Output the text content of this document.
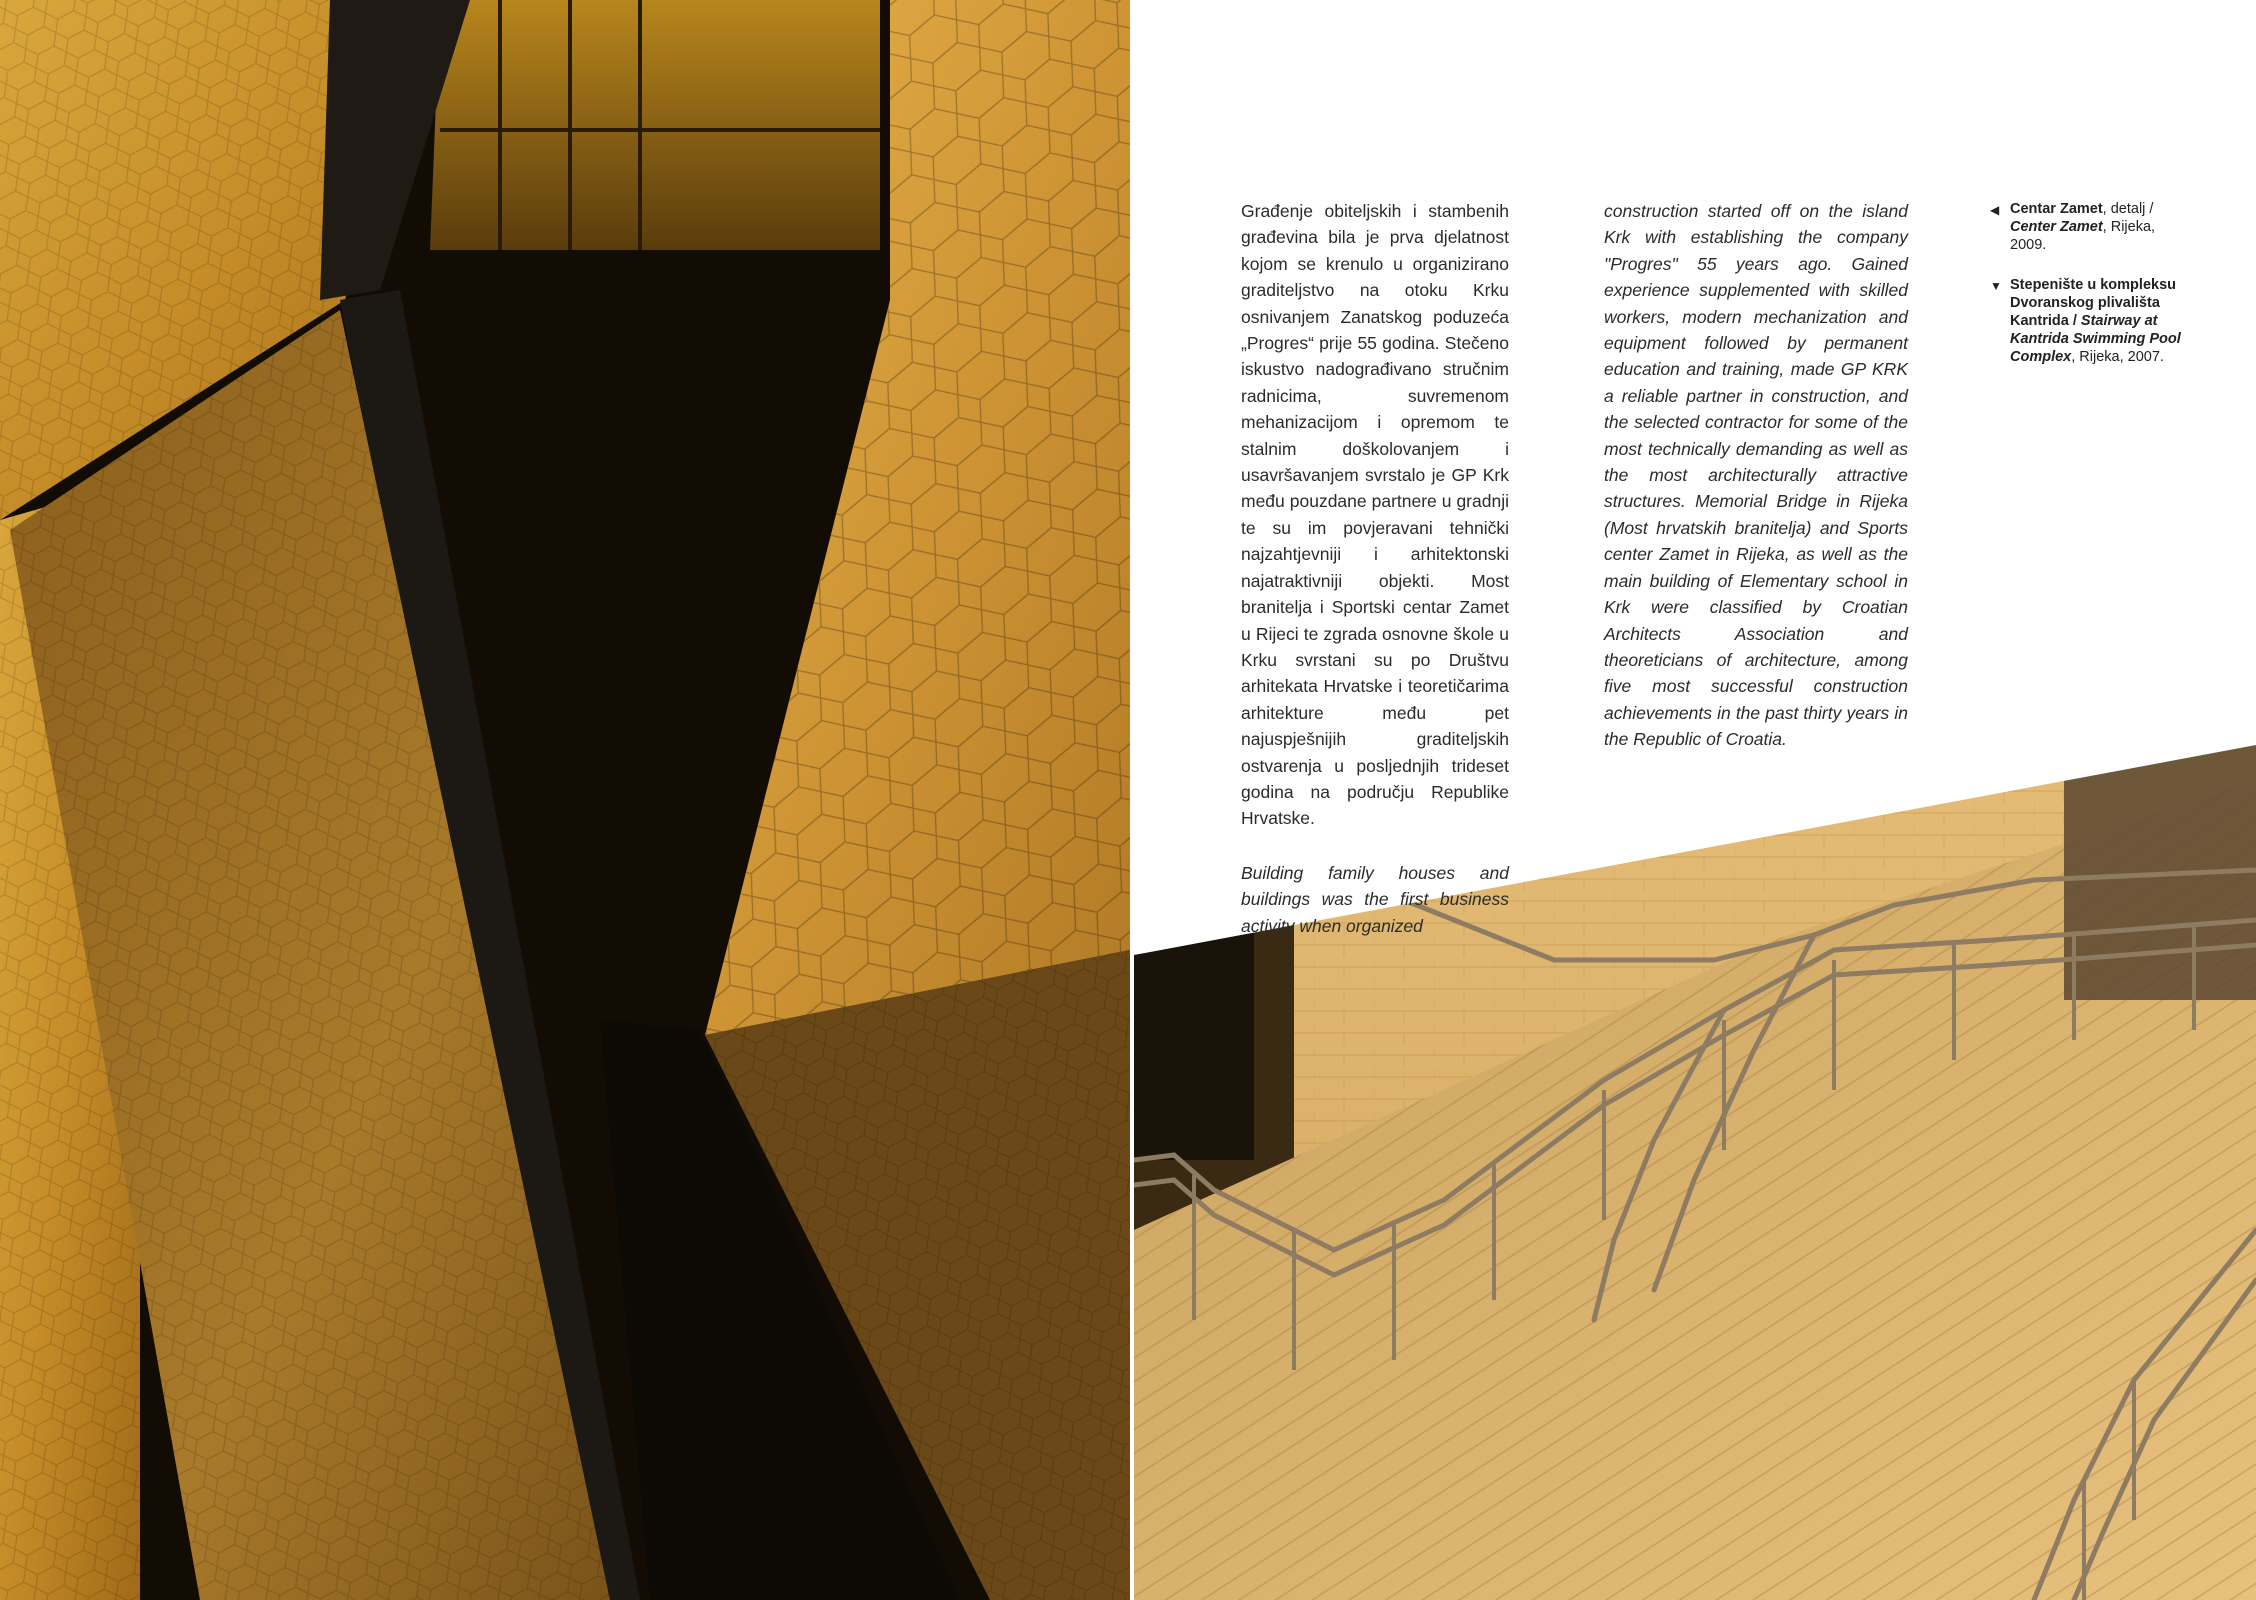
Građenje obiteljskih i stambenih građevina bila je prva djelatnost kojom se krenulo u organizirano graditeljstvo na otoku Krku osnivanjem Zanatskog poduzeća „Progres“ prije 55 godina. Stečeno iskustvo nadograđivano stručnim radnicima, suvremenom mehanizacijom i opremom te stalnim doškolovanjem i usavršavanjem svrstalo je GP Krk među pouzdane partnere u gradnji te su im povjeravani tehnički najzahtjevniji i arhitektonski najatraktivniji objekti. Most branitelja i Sportski centar Zamet u Rijeci te zgrada osnovne škole u Krku svrstani su po Društvu arhitekata Hrvatske i teoretičarima arhitekture među pet najuspješnijih graditeljskih ostvarenja u posljednjih trideset godina na području Republike Hrvatske.

Building family houses and buildings was the first business activity when organized

construction started off on the island Krk with establishing the company "Progres" 55 years ago. Gained experience supplemented with skilled workers, modern mechanization and equipment followed by permanent education and training, made GP KRK a reliable partner in construction, and the selected contractor for some of the most technically demanding as well as the most architecturally attractive structures. Memorial Bridge in Rijeka (Most hrvatskih branitelja) and Sports center Zamet in Rijeka, as well as the main building of Elementary school in Krk were classified by Croatian Architects Association and theoreticians of architecture, among five most successful construction achievements in the past thirty years in the Republic of Croatia.

◀ Centar Zamet, detalj / Center Zamet, Rijeka, 2009.
▼ Stepenište u kompleksu Dvoranskog plivališta Kantrida / Stairway at Kantrida Swimming Pool Complex, Rijeka, 2007.
